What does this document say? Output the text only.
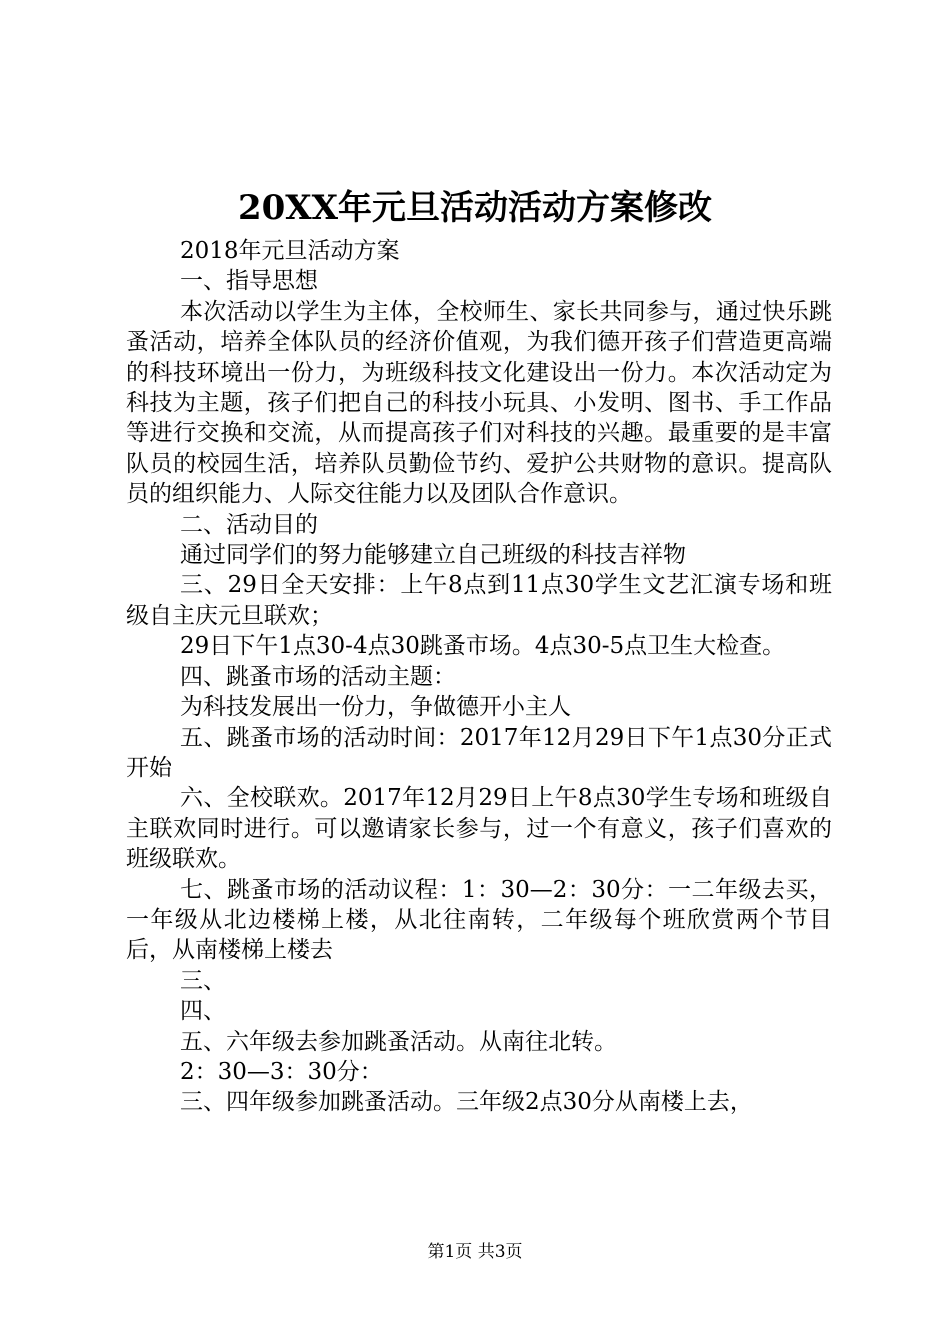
20XX年元旦活动活动方案修改

2018年元旦活动方案

一、指导思想

本次活动以学生为主体，全校师生、家长共同参与，通过快乐跳蚤活动，培养全体队员的经济价值观，为我们德开孩子们营造更高端的科技环境出一份力，为班级科技文化建设出一份力。本次活动定为科技为主题，孩子们把自己的科技小玩具、小发明、图书、手工作品等进行交换和交流，从而提高孩子们对科技的兴趣。最重要的是丰富队员的校园生活，培养队员勤俭节约、爱护公共财物的意识。提高队员的组织能力、人际交往能力以及团队合作意识。

二、活动目的

通过同学们的努力能够建立自己班级的科技吉祥物

三、29日全天安排：上午8点到11点30学生文艺汇演专场和班级自主庆元旦联欢；

29日下午1点30-4点30跳蚤市场。4点30-5点卫生大检查。

四、跳蚤市场的活动主题：

为科技发展出一份力，争做德开小主人

五、跳蚤市场的活动时间：2017年12月29日下午1点30分正式开始

六、全校联欢。2017年12月29日上午8点30学生专场和班级自主联欢同时进行。可以邀请家长参与，过一个有意义，孩子们喜欢的班级联欢。

七、跳蚤市场的活动议程：1：30—2：30分：一二年级去买，一年级从北边楼梯上楼，从北往南转，二年级每个班欣赏两个节目后，从南楼梯上楼去

三、

四、

五、六年级去参加跳蚤活动。从南往北转。

2：30—3：30分：

三、四年级参加跳蚤活动。三年级2点30分从南楼上去，

第1页 共3页
